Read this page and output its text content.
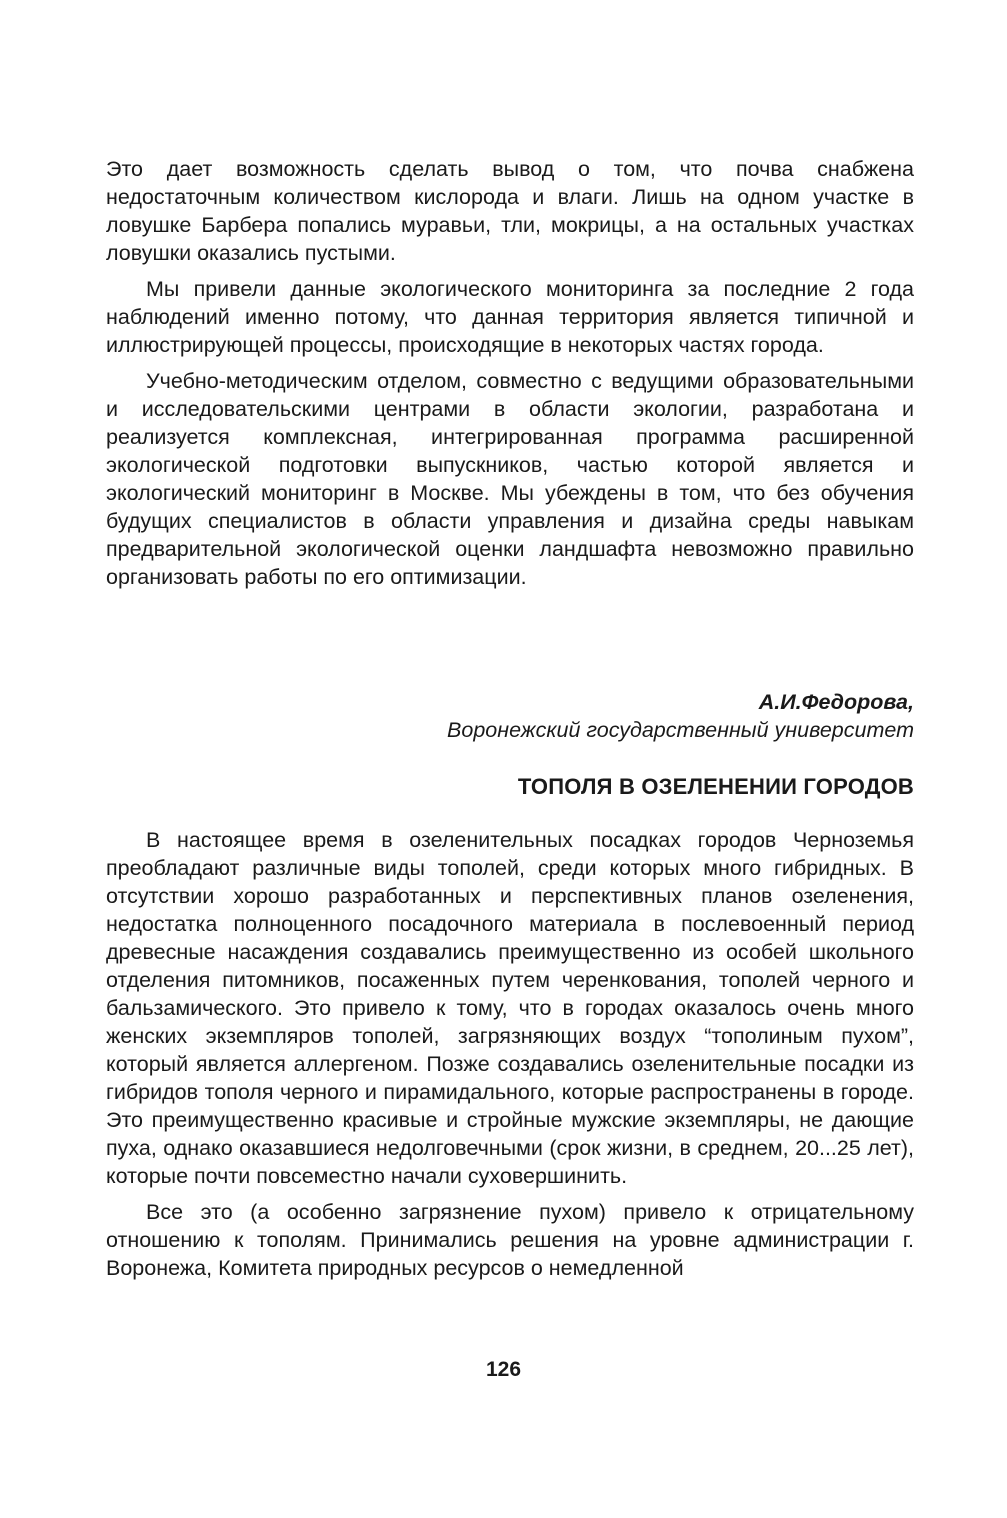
Это дает возможность сделать вывод о том, что почва снабжена недостаточным количеством кислорода и влаги. Лишь на одном участке в ловушке Барбера попались муравьи, тли, мокрицы, а на остальных участках ловушки оказались пустыми.

Мы привели данные экологического мониторинга за последние 2 года наблюдений именно потому, что данная территория является типичной и иллюстрирующей процессы, происходящие в некоторых частях города.

Учебно-методическим отделом, совместно с ведущими образовательными и исследовательскими центрами в области экологии, разработана и реализуется комплексная, интегрированная программа расширенной экологической подготовки выпускников, частью которой является и экологический мониторинг в Москве. Мы убеждены в том, что без обучения будущих специалистов в области управления и дизайна среды навыкам предварительной экологической оценки ландшафта невозможно правильно организовать работы по его оптимизации.

А.И.Федорова,
Воронежский государственный университет
ТОПОЛЯ В ОЗЕЛЕНЕНИИ ГОРОДОВ

В настоящее время в озеленительных посадках городов Черноземья преобладают различные виды тополей, среди которых много гибридных. В отсутствии хорошо разработанных и перспективных планов озеленения, недостатка полноценного посадочного материала в послевоенный период древесные насаждения создавались преимущественно из особей школьного отделения питомников, посаженных путем черенкования, тополей черного и бальзамического. Это привело к тому, что в городах оказалось очень много женских экземпляров тополей, загрязняющих воздух “тополиным пухом”, который является аллергеном. Позже создавались озеленительные посадки из гибридов тополя черного и пирамидального, которые распространены в городе. Это преимущественно красивые и стройные мужские экземпляры, не дающие пуха, однако оказавшиеся недолговечными (срок жизни, в среднем, 20...25 лет), которые почти повсеместно начали суховершинить.

Все это (а особенно загрязнение пухом) привело к отрицательному отношению к тополям. Принимались решения на уровне администрации г. Воронежа, Комитета природных ресурсов о немедленной

126
